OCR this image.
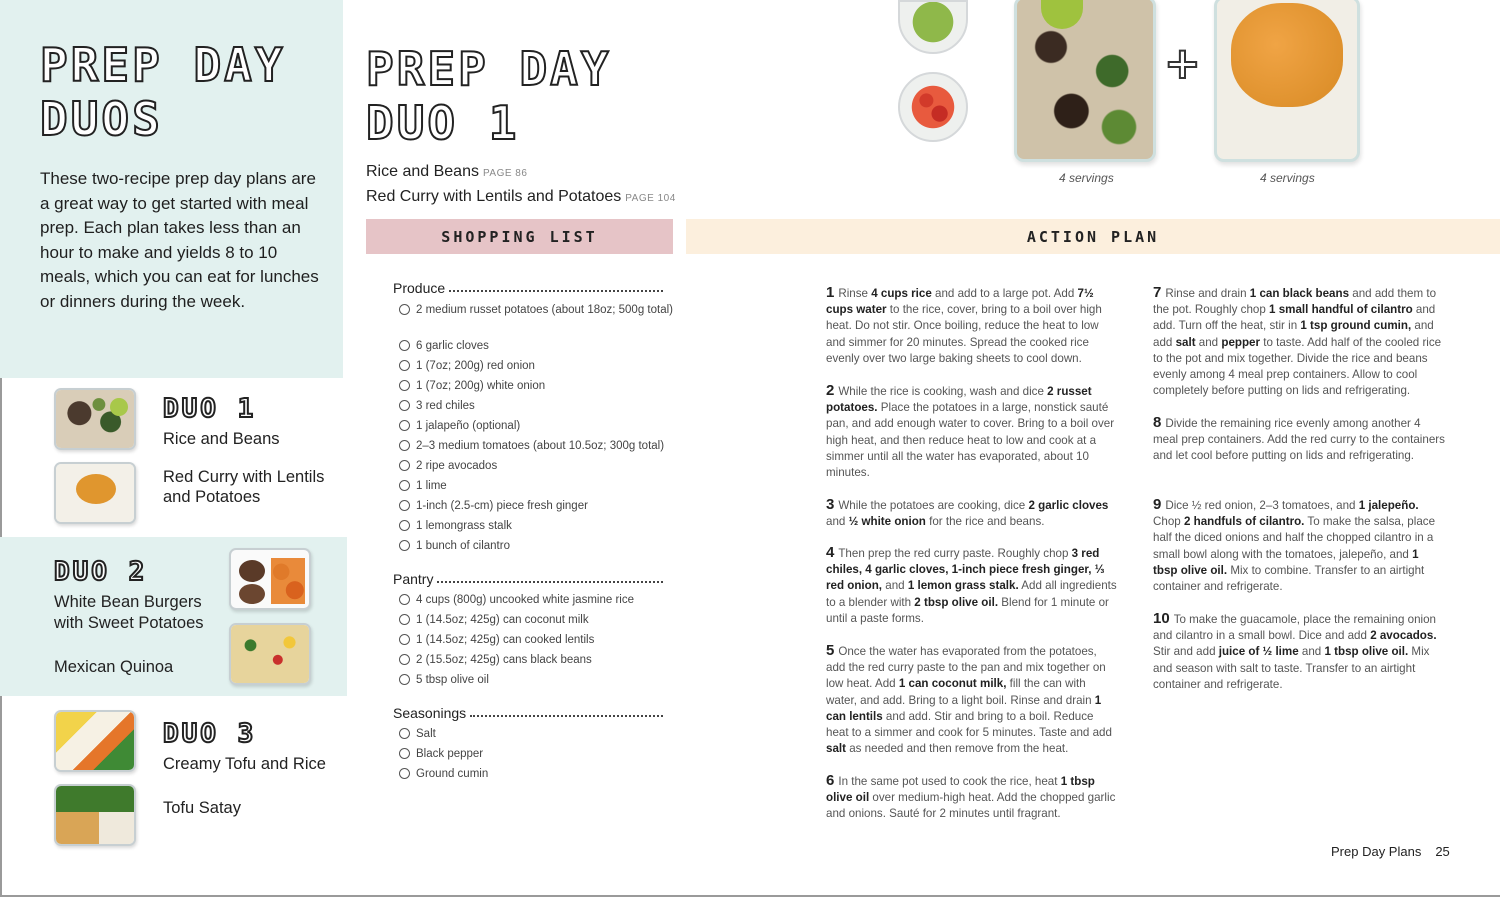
PREP DAY
DUOS
These two-recipe prep day plans are a great way to get started with meal prep. Each plan takes less than an hour to make and yields 8 to 10 meals, which you can eat for lunches or dinners during the week.
DUO 1
Rice and Beans
Red Curry with Lentils and Potatoes
DUO 2
White Bean Burgers with Sweet Potatoes
Mexican Quinoa
DUO 3
Creamy Tofu and Rice
Tofu Satay
PREP DAY
DUO 1
Rice and Beans PAGE 86
Red Curry with Lentils and Potatoes PAGE 104
+
4 servings	4 servings
SHOPPING LIST	ACTION PLAN
Produce
2 medium russet potatoes (about 18oz; 500g total)
6 garlic cloves
1 (7oz; 200g) red onion
1 (7oz; 200g) white onion
3 red chiles
1 jalapeño (optional)
2–3 medium tomatoes (about 10.5oz; 300g total)
2 ripe avocados
1 lime
1-inch (2.5-cm) piece fresh ginger
1 lemongrass stalk
1 bunch of cilantro
Pantry
4 cups (800g) uncooked white jasmine rice
1 (14.5oz; 425g) can coconut milk
1 (14.5oz; 425g) can cooked lentils
2 (15.5oz; 425g) cans black beans
5 tbsp olive oil
Seasonings
Salt
Black pepper
Ground cumin
1 Rinse 4 cups rice and add to a large pot. Add 7½ cups water to the rice, cover, bring to a boil over high heat. Do not stir. Once boiling, reduce the heat to low and simmer for 20 minutes. Spread the cooked rice evenly over two large baking sheets to cool down.
2 While the rice is cooking, wash and dice 2 russet potatoes. Place the potatoes in a large, nonstick sauté pan, and add enough water to cover. Bring to a boil over high heat, and then reduce heat to low and cook at a simmer until all the water has evaporated, about 10 minutes.
3 While the potatoes are cooking, dice 2 garlic cloves and ½ white onion for the rice and beans.
4 Then prep the red curry paste. Roughly chop 3 red chiles, 4 garlic cloves, 1-inch piece fresh ginger, ⅓ red onion, and 1 lemon grass stalk. Add all ingredients to a blender with 2 tbsp olive oil. Blend for 1 minute or until a paste forms.
5 Once the water has evaporated from the potatoes, add the red curry paste to the pan and mix together on low heat. Add 1 can coconut milk, fill the can with water, and add. Bring to a light boil. Rinse and drain 1 can lentils and add. Stir and bring to a boil. Reduce heat to a simmer and cook for 5 minutes. Taste and add salt as needed and then remove from the heat.
6 In the same pot used to cook the rice, heat 1 tbsp olive oil over medium-high heat. Add the chopped garlic and onions. Sauté for 2 minutes until fragrant.
7 Rinse and drain 1 can black beans and add them to the pot. Roughly chop 1 small handful of cilantro and add. Turn off the heat, stir in 1 tsp ground cumin, and add salt and pepper to taste. Add half of the cooled rice to the pot and mix together. Divide the rice and beans evenly among 4 meal prep containers. Allow to cool completely before putting on lids and refrigerating.
8 Divide the remaining rice evenly among another 4 meal prep containers. Add the red curry to the containers and let cool before putting on lids and refrigerating.
9 Dice ½ red onion, 2–3 tomatoes, and 1 jalepeño. Chop 2 handfuls of cilantro. To make the salsa, place half the diced onions and half the chopped cilantro in a small bowl along with the tomatoes, jalepeño, and 1 tbsp olive oil. Mix to combine. Transfer to an airtight container and refrigerate.
10 To make the guacamole, place the remaining onion and cilantro in a small bowl. Dice and add 2 avocados. Stir and add juice of ½ lime and 1 tbsp olive oil. Mix and season with salt to taste. Transfer to an airtight container and refrigerate.
Prep Day Plans 25
